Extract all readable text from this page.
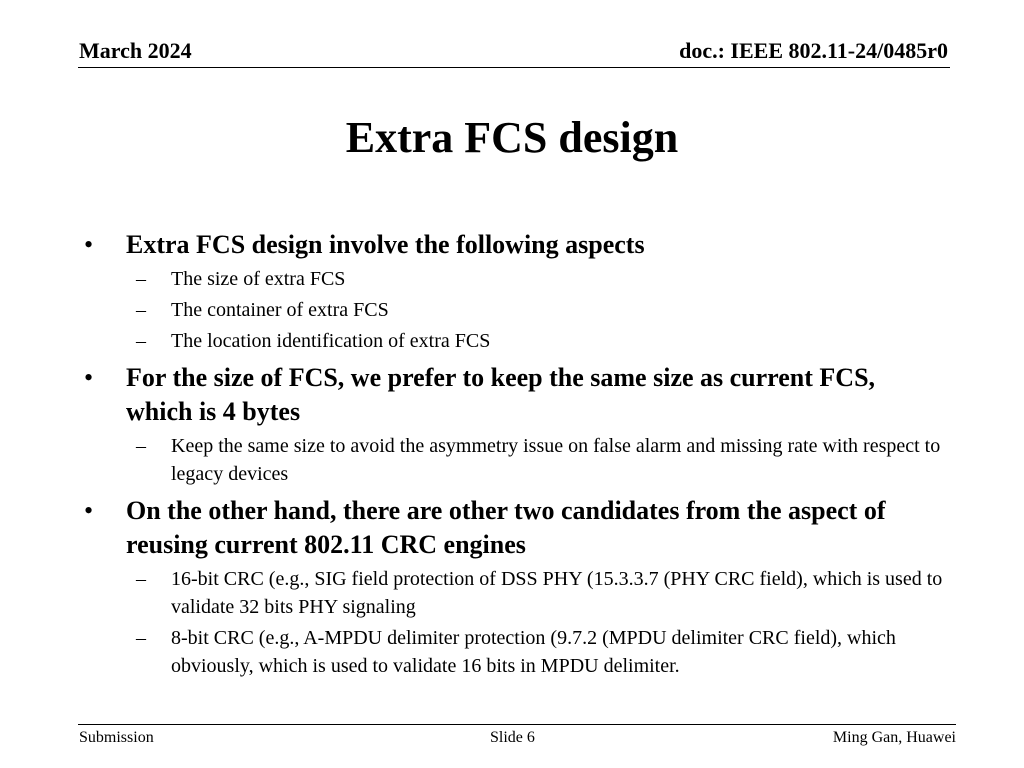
March 2024	doc.: IEEE 802.11-24/0485r0
Extra FCS design
• Extra FCS design involve the following aspects
– The size of extra FCS
– The container of extra FCS
– The location identification of extra FCS
• For the size of FCS, we prefer to keep the same size as current FCS, which is 4 bytes
– Keep the same size to avoid the asymmetry issue on false alarm and missing rate with respect to legacy devices
• On the other hand, there are other two candidates from the aspect of reusing current 802.11 CRC engines
– 16-bit CRC (e.g., SIG field protection of DSS PHY (15.3.3.7 (PHY CRC field), which is used to validate 32 bits PHY signaling
– 8-bit CRC (e.g., A-MPDU delimiter protection (9.7.2 (MPDU delimiter CRC field), which obviously, which is used to validate 16 bits in MPDU delimiter.
Submission	Slide 6	Ming Gan, Huawei
